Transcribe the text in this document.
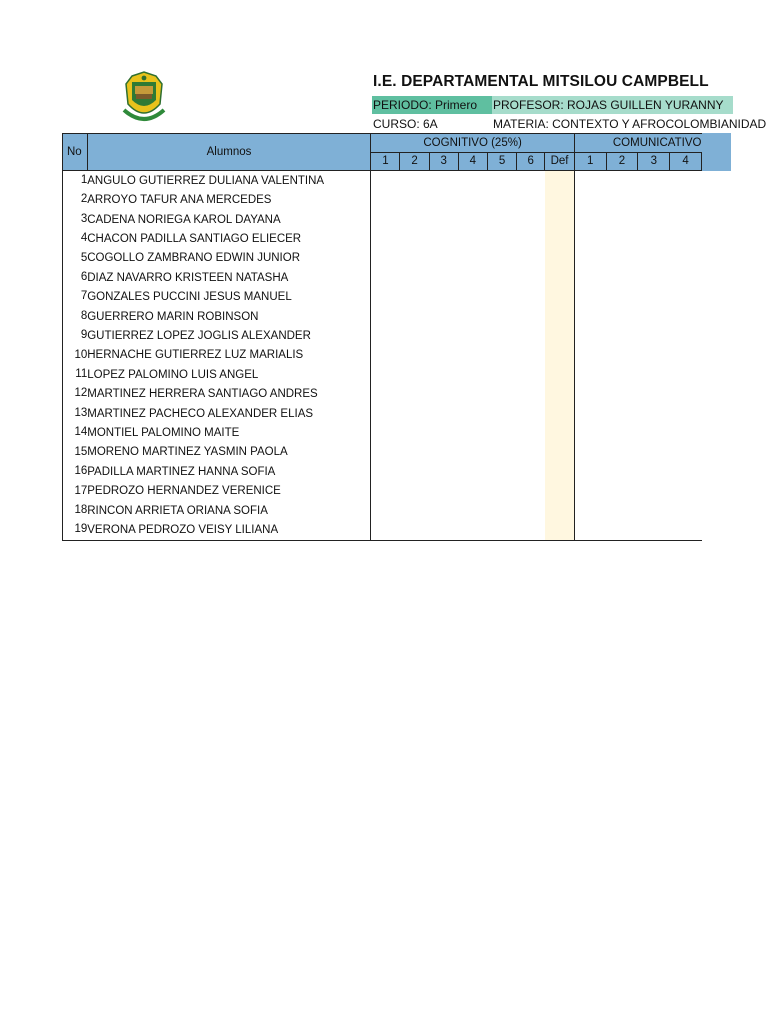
I.E. DEPARTAMENTAL MITSILOU CAMPBELL
PERIODO: Primero	PROFESOR: ROJAS GUILLEN YURANNY
CURSO: 6A	MATERIA: CONTEXTO Y AFROCOLOMBIANIDAD
No	Alumnos	COGNITIVO (25%)							COMUNICATIVO			
		1	2	3	4	5	6	Def	1	2	3	4
1	ANGULO GUTIERREZ DULIANA VALENTINA											
2	ARROYO TAFUR ANA MERCEDES											
3	CADENA NORIEGA KAROL DAYANA											
4	CHACON PADILLA SANTIAGO ELIECER											
5	COGOLLO ZAMBRANO EDWIN JUNIOR											
6	DIAZ NAVARRO KRISTEEN NATASHA											
7	GONZALES PUCCINI JESUS MANUEL											
8	GUERRERO MARIN ROBINSON											
9	GUTIERREZ LOPEZ JOGLIS ALEXANDER											
10	HERNACHE GUTIERREZ LUZ MARIALIS											
11	LOPEZ PALOMINO LUIS ANGEL											
12	MARTINEZ HERRERA SANTIAGO ANDRES											
13	MARTINEZ PACHECO ALEXANDER ELIAS											
14	MONTIEL PALOMINO MAITE											
15	MORENO MARTINEZ YASMIN PAOLA											
16	PADILLA MARTINEZ HANNA SOFIA											
17	PEDROZO HERNANDEZ VERENICE											
18	RINCON ARRIETA ORIANA SOFIA											
19	VERONA PEDROZO VEISY LILIANA											
